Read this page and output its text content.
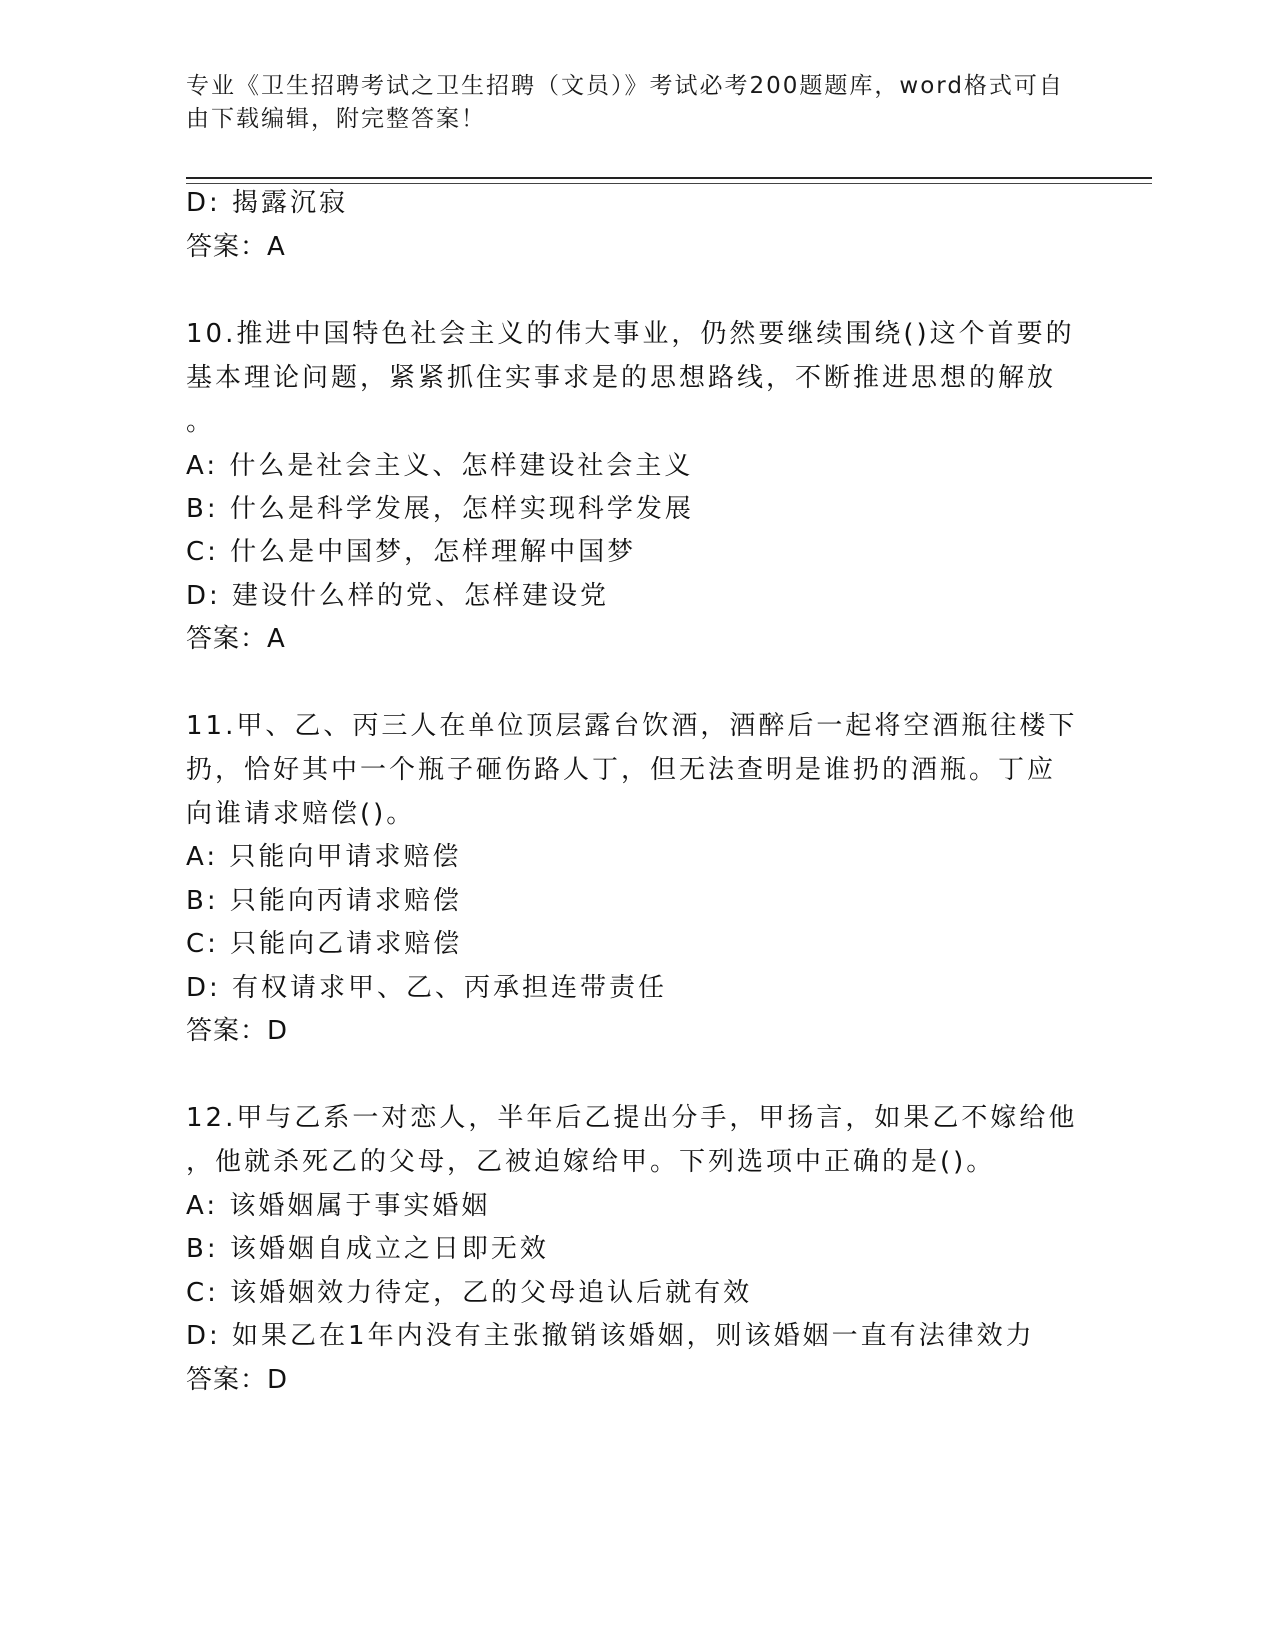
专业《卫生招聘考试之卫生招聘（文员）》考试必考200题题库，word格式可自
由下载编辑，附完整答案！
D: 揭露沉寂
答案：A
10.推进中国特色社会主义的伟大事业，仍然要继续围绕()这个首要的
基本理论问题，紧紧抓住实事求是的思想路线，不断推进思想的解放
。
A: 什么是社会主义、怎样建设社会主义
B: 什么是科学发展，怎样实现科学发展
C: 什么是中国梦，怎样理解中国梦
D: 建设什么样的党、怎样建设党
答案：A
11.甲、乙、丙三人在单位顶层露台饮酒，酒醉后一起将空酒瓶往楼下
扔，恰好其中一个瓶子砸伤路人丁，但无法查明是谁扔的酒瓶。丁应
向谁请求赔偿()。
A: 只能向甲请求赔偿
B: 只能向丙请求赔偿
C: 只能向乙请求赔偿
D: 有权请求甲、乙、丙承担连带责任
答案：D
12.甲与乙系一对恋人，半年后乙提出分手，甲扬言，如果乙不嫁给他
，他就杀死乙的父母，乙被迫嫁给甲。下列选项中正确的是()。
A: 该婚姻属于事实婚姻
B: 该婚姻自成立之日即无效
C: 该婚姻效力待定，乙的父母追认后就有效
D: 如果乙在1年内没有主张撤销该婚姻，则该婚姻一直有法律效力
答案：D
